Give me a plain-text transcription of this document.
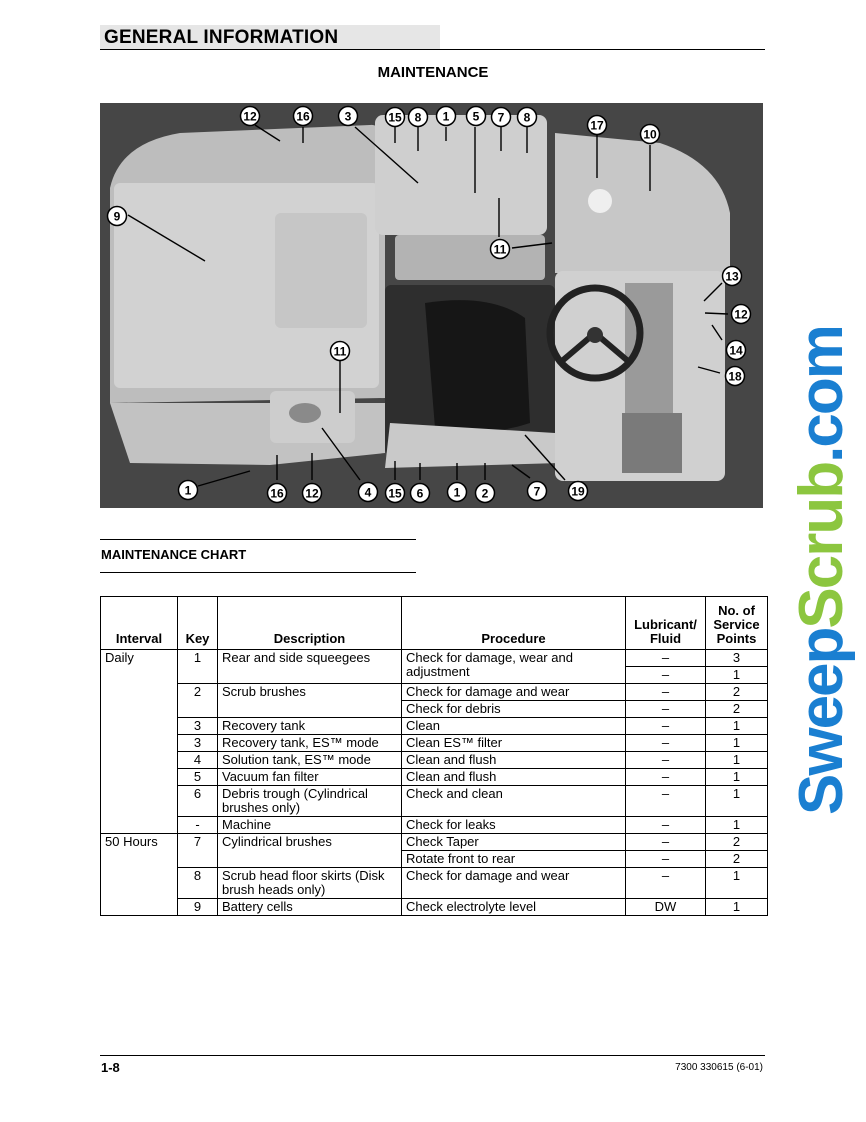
GENERAL INFORMATION
MAINTENANCE
12	16	3	15 8 1 5 7 8
17
10
9
11
13
12
14
11
18
1	16 12	4 15 6	1 2	7	19
MAINTENANCE CHART
Interval	Key	Description	Procedure	Lubricant/ Fluid	No. of Service Points
Daily	1	Rear and side squeegees	Check for damage, wear and adjustment	–	3
				–	1
	2	Scrub brushes	Check for damage and wear	–	2
			Check for debris	–	2
	3	Recovery tank	Clean	–	1
	3	Recovery tank, ES™ mode	Clean ES™ filter	–	1
	4	Solution tank, ES™ mode	Clean and flush	–	1
	5	Vacuum fan filter	Clean and flush	–	1
	6	Debris trough (Cylindrical brushes only)	Check and clean	–	1
	-	Machine	Check for leaks	–	1
50 Hours	7	Cylindrical brushes	Check Taper	–	2
			Rotate front to rear	–	2
	8	Scrub head floor skirts (Disk brush heads only)	Check for damage and wear	–	1
	9	Battery cells	Check electrolyte level	DW	1
1-8	7300 330615 (6-01)
SweepScrub.com
